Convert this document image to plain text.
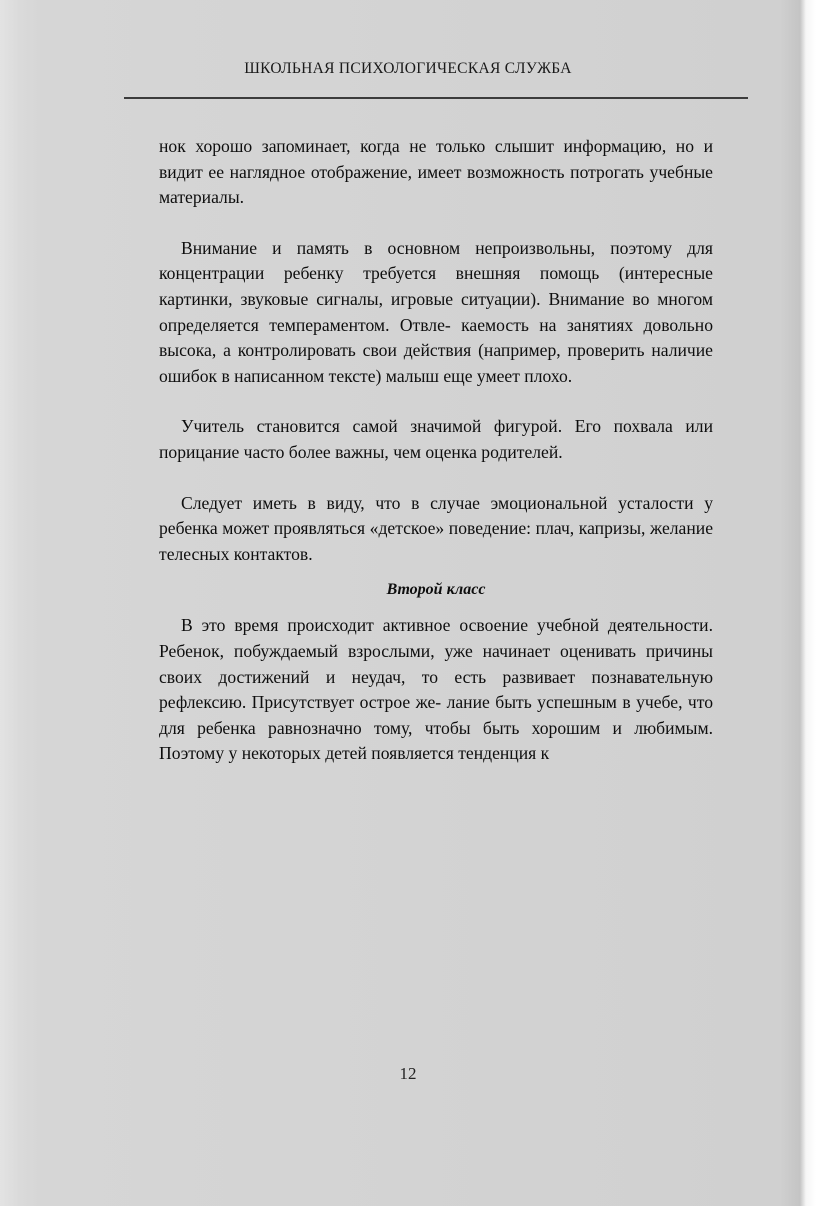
ШКОЛЬНАЯ ПСИХОЛОГИЧЕСКАЯ СЛУЖБА

нок хорошо запоминает, когда не только слышит информацию, но и видит ее наглядное отображение, имеет возможность потрогать учебные материалы.

Внимание и память в основном непроизвольны, поэтому для концентрации ребенку требуется внешняя помощь (интересные картинки, звуковые сигналы, игровые ситуации). Внимание во многом определяется темпераментом. Отвле- каемость на занятиях довольно высока, а контролировать свои действия (например, проверить наличие ошибок в написанном тексте) малыш еще умеет плохо.

Учитель становится самой значимой фигурой. Его похвала или порицание часто более важны, чем оценка родителей.

Следует иметь в виду, что в случае эмоциональной усталости у ребенка может проявляться «детское» поведение: плач, капризы, желание телесных контактов.

Второй класс

В это время происходит активное освоение учебной деятельности. Ребенок, побуждаемый взрослыми, уже начинает оценивать причины своих достижений и неудач, то есть развивает познавательную рефлексию. Присутствует острое же- лание быть успешным в учебе, что для ребенка равнозначно тому, чтобы быть хорошим и любимым. Поэтому у некоторых детей появляется тенденция к

12
